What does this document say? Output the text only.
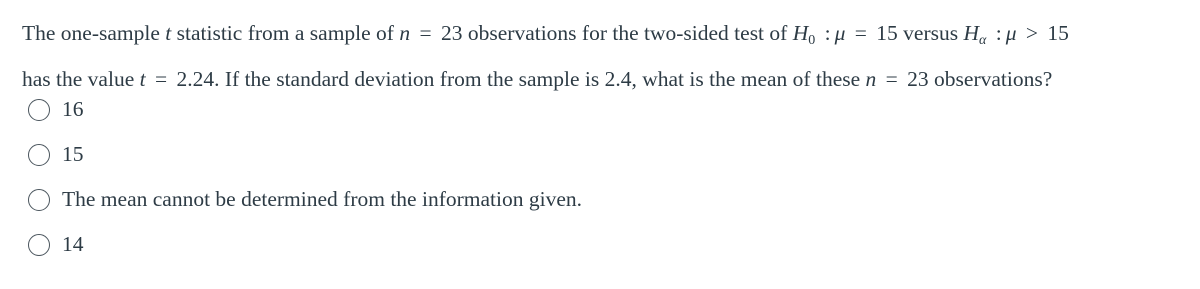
The one-sample t statistic from a sample of n = 23 observations for the two-sided test of $H_0$ : μ = 15 versus Hα : μ > 15
has the value t = 2.24. If the standard deviation from the sample is 2.4, what is the mean of these n = 23 observations?
16
15
The mean cannot be determined from the information given.
14
